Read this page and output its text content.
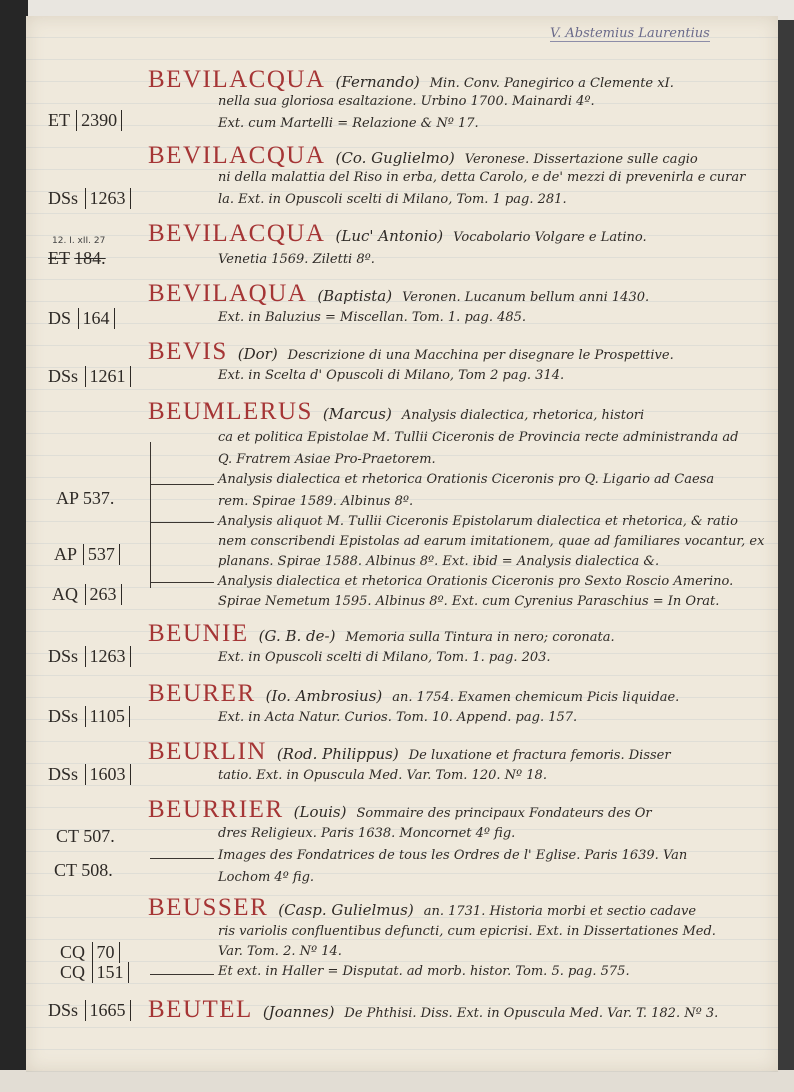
V. Abstemius Laurentius
BEVILACQUA (Fernando) Min. Conv. Panegirico a Clemente xI.
nella sua gloriosa esaltazione. Urbino 1700. Mainardi 4º.
Ext. cum Martelli = Relazione & Nº 17.
ET 2390
BEVILACQUA (Co. Guglielmo) Veronese. Dissertazione sulle cagio
ni della malattia del Riso in erba, detta Carolo, e de' mezzi di prevenirla e curar
la. Ext. in Opuscoli scelti di Milano, Tom. 1 pag. 281.
DSs 1263
BEVILACQUA (Luc' Antonio) Vocabolario Volgare e Latino.
Venetia 1569. Ziletti 8º.
12. I. xII. 27
ET 184.
BEVILAQUA (Baptista) Veronen. Lucanum bellum anni 1430.
Ext. in Baluzius = Miscellan. Tom. 1. pag. 485.
DS 164
BEVIS (Dor) Descrizione di una Macchina per disegnare le Prospettive.
Ext. in Scelta d' Opuscoli di Milano, Tom 2 pag. 314.
DSs 1261
BEUMLERUS (Marcus) Analysis dialectica, rhetorica, histori
ca et politica Epistolae M. Tullii Ciceronis de Provincia recte administranda ad
Q. Fratrem Asiae Pro-Praetorem.
Analysis dialectica et rhetorica Orationis Ciceronis pro Q. Ligario ad Caesa
rem. Spirae 1589. Albinus 8º.
AP 537.
Analysis aliquot M. Tullii Ciceronis Epistolarum dialectica et rhetorica, & ratio
nem conscribendi Epistolas ad earum imitationem, quae ad familiares vocantur, ex
planans. Spirae 1588. Albinus 8º. Ext. ibid = Analysis dialectica &.
AP 537
Analysis dialectica et rhetorica Orationis Ciceronis pro Sexto Roscio Amerino.
Spirae Nemetum 1595. Albinus 8º. Ext. cum Cyrenius Paraschius = In Orat.
AQ 263
BEUNIE (G. B. de-) Memoria sulla Tintura in nero; coronata.
Ext. in Opuscoli scelti di Milano, Tom. 1. pag. 203.
DSs 1263
BEURER (Io. Ambrosius) an. 1754. Examen chemicum Picis liquidae.
Ext. in Acta Natur. Curios. Tom. 10. Append. pag. 157.
DSs 1105
BEURLIN (Rod. Philippus) De luxatione et fractura femoris. Disser
tatio. Ext. in Opuscula Med. Var. Tom. 120. Nº 18.
DSs 1603
BEURRIER (Louis) Sommaire des principaux Fondateurs des Or
dres Religieux. Paris 1638. Moncornet 4º fig.
CT 507.
Images des Fondatrices de tous les Ordres de l' Eglise. Paris 1639. Van
Lochom 4º fig.
CT 508.
BEUSSER (Casp. Gulielmus) an. 1731. Historia morbi et sectio cadave
ris variolis confluentibus defuncti, cum epicrisi. Ext. in Dissertationes Med.
Var. Tom. 2. Nº 14.
CQ 70
Et ext. in Haller = Disputat. ad morb. histor. Tom. 5. pag. 575.
CQ 151
BEUTEL (Joannes) De Phthisi. Diss. Ext. in Opuscula Med. Var. T. 182. Nº 3.
DSs 1665
